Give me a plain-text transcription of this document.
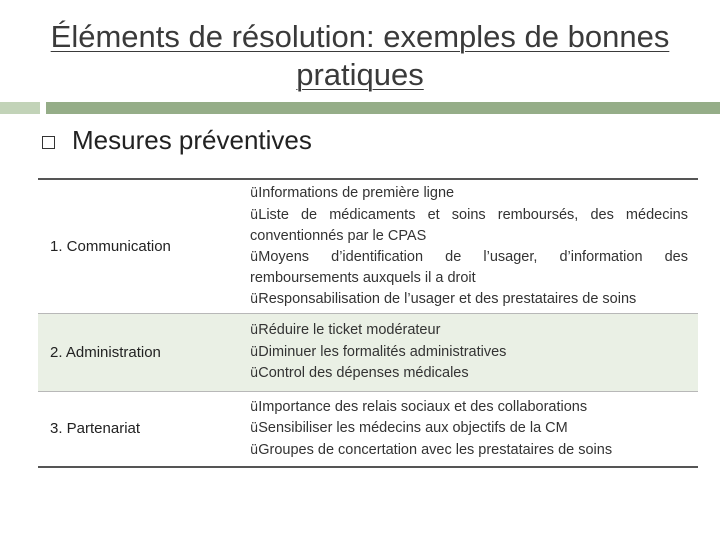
Éléments de résolution: exemples de bonnes pratiques
Mesures préventives
1. Communication	üInformations de première ligne
üListe de médicaments et soins remboursés, des médecins conventionnés par le CPAS
üMoyens d’identification de l’usager, d’information des remboursements auxquels il a droit
üResponsabilisation de l’usager et des prestataires de soins

2. Administration	üRéduire le ticket modérateur
üDiminuer les formalités administratives
üControl des dépenses médicales

3. Partenariat	üImportance des relais sociaux et des collaborations
üSensibiliser les médecins aux objectifs de la CM
üGroupes de concertation avec les prestataires de soins
